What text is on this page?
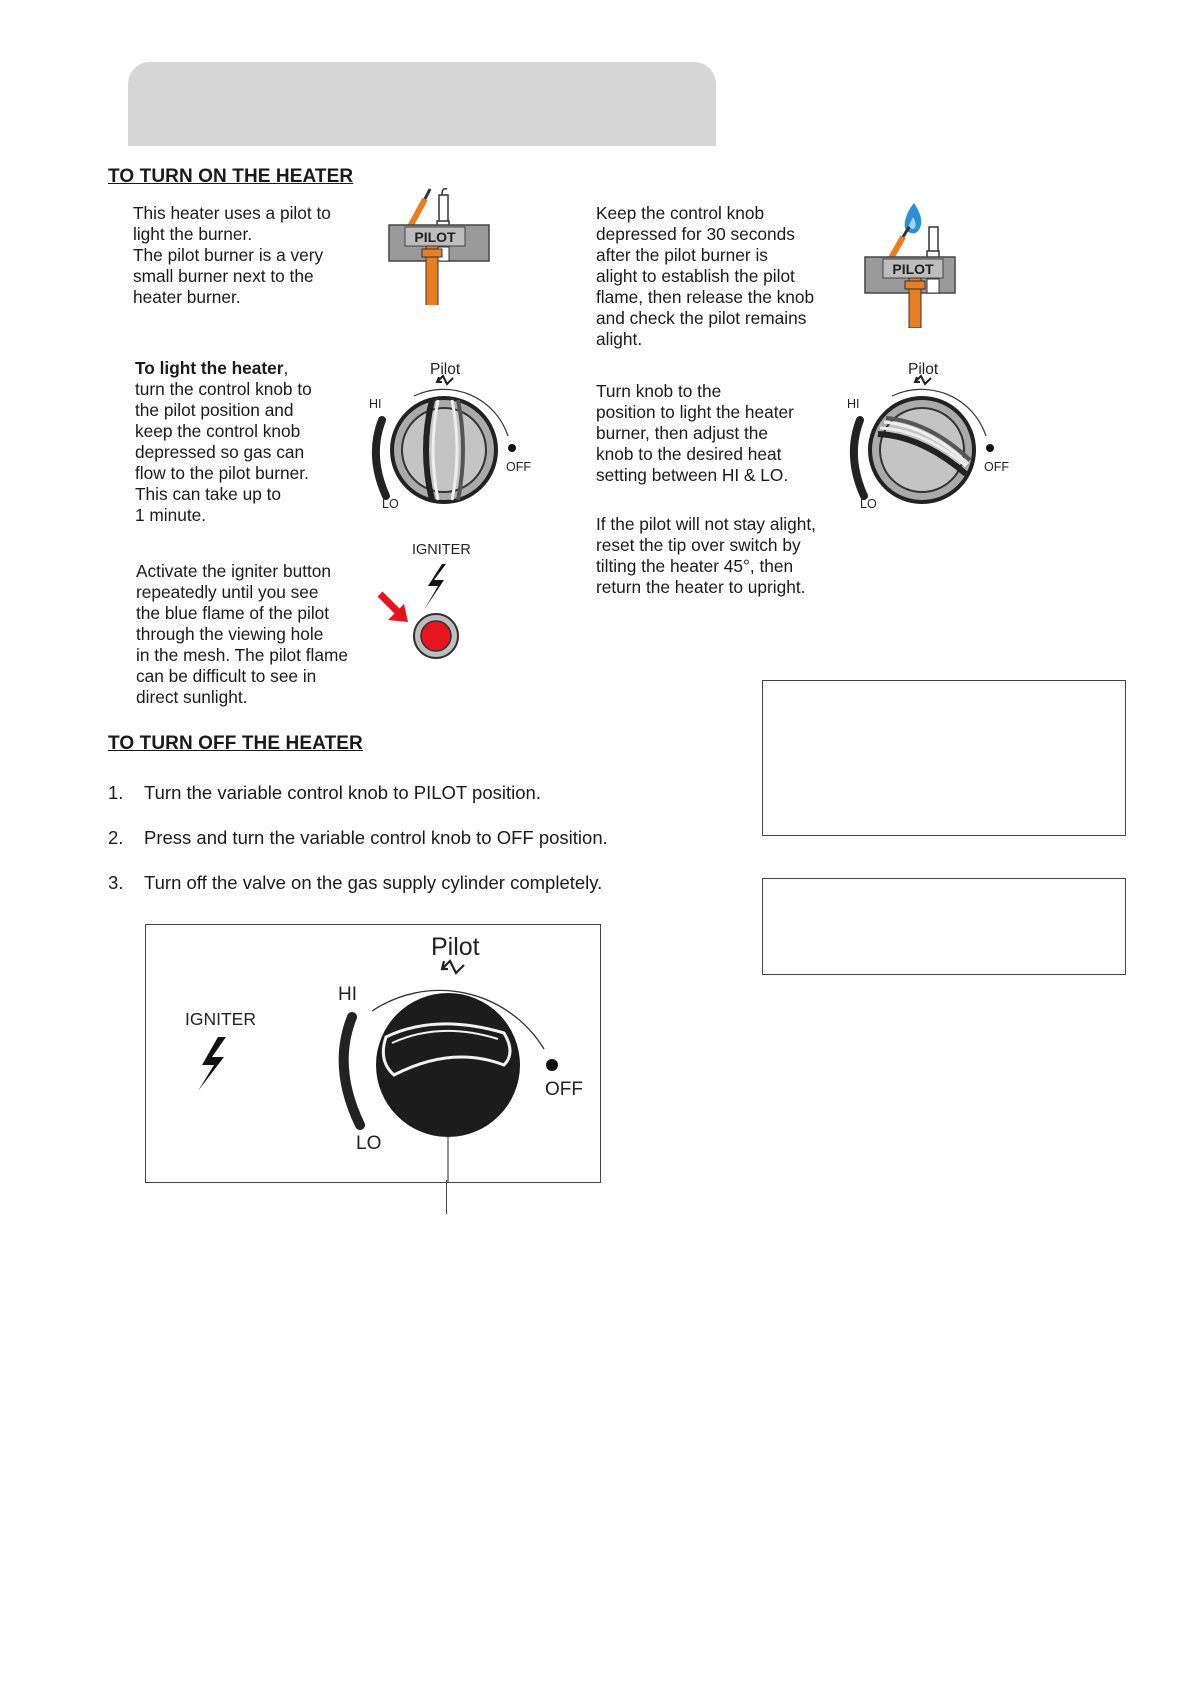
TO TURN ON THE HEATER
This heater uses a pilot to
light the burner.
The pilot burner is a very
small burner next to the
heater burner.
To light the heater,
turn the control knob to
the pilot position and
keep the control knob
depressed so gas can
flow to the pilot burner.
This can take up to
1 minute.
Activate the igniter button
repeatedly until you see
the blue flame of the pilot
through the viewing hole
in the mesh. The pilot flame
can be difficult to see in
direct sunlight.
Keep the control knob
depressed for 30 seconds
after the pilot burner is
alight to establish the pilot
flame, then release the knob
and check the pilot remains
alight.
Turn knob to the
position to light the heater
burner, then adjust the
knob to the desired heat
setting between HI & LO.
If the pilot will not stay alight,
reset the tip over switch by
tilting the heater 45°, then
return the heater to upright.
PILOT
PILOT
Pilot
HI
LO
OFF
Pilot
HI
LO
OFF
IGNITER
TO TURN OFF THE HEATER
1. Turn the variable control knob to PILOT position.
2. Press and turn the variable control knob to OFF position.
3. Turn off the valve on the gas supply cylinder completely.
IGNITER
Pilot
HI
LO
OFF
